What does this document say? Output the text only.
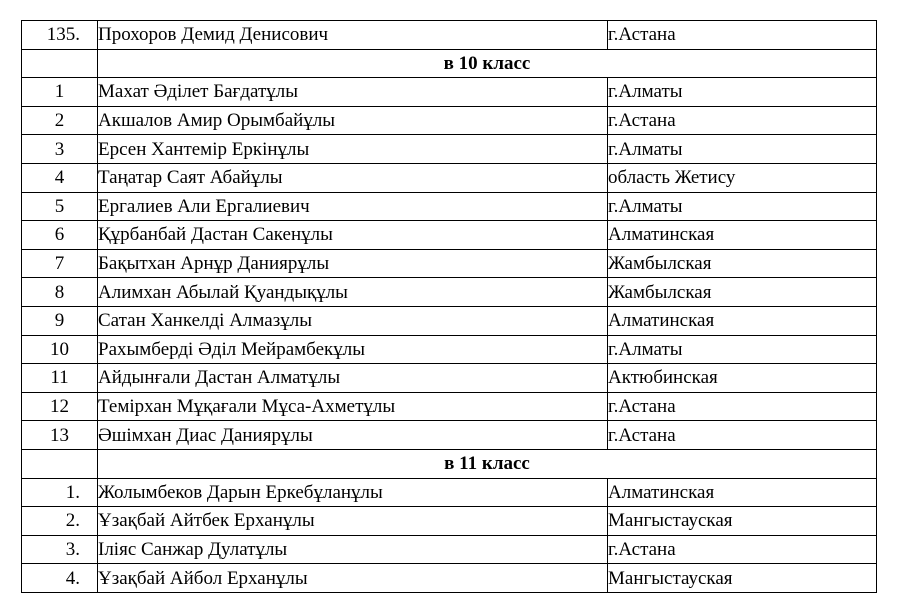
135.	Прохоров Демид Денисович	г.Астана
	в 10 класс	
1	Махат Әділет Бағдатұлы	г.Алматы
2	Акшалов Амир Орымбайұлы	г.Астана
3	Ерсен Хантемір Еркінұлы	г.Алматы
4	Таңатар Саят Абайұлы	область Жетису
5	Ергалиев Али Ергалиевич	г.Алматы
6	Құрбанбай Дастан Сакенұлы	Алматинская
7	Бақытхан Арнұр Даниярұлы	Жамбылская
8	Алимхан Абылай Қуандықұлы	Жамбылская
9	Сатан Ханкелді Алмазұлы	Алматинская
10	Рахымберді Әділ Мейрамбекұлы	г.Алматы
11	Айдынғали Дастан Алматұлы	Актюбинская
12	Темірхан Мұқағали Мұса-Ахметұлы	г.Астана
13	Әшімхан Диас Даниярұлы	г.Астана
	в 11 класс	
1.	Жолымбеков Дарын Еркебұланұлы	Алматинская
2.	Ұзақбай Айтбек Ерханұлы	Мангыстауская
3.	Іліяс Санжар Дулатұлы	г.Астана
4.	Ұзақбай Айбол Ерханұлы	Мангыстауская
